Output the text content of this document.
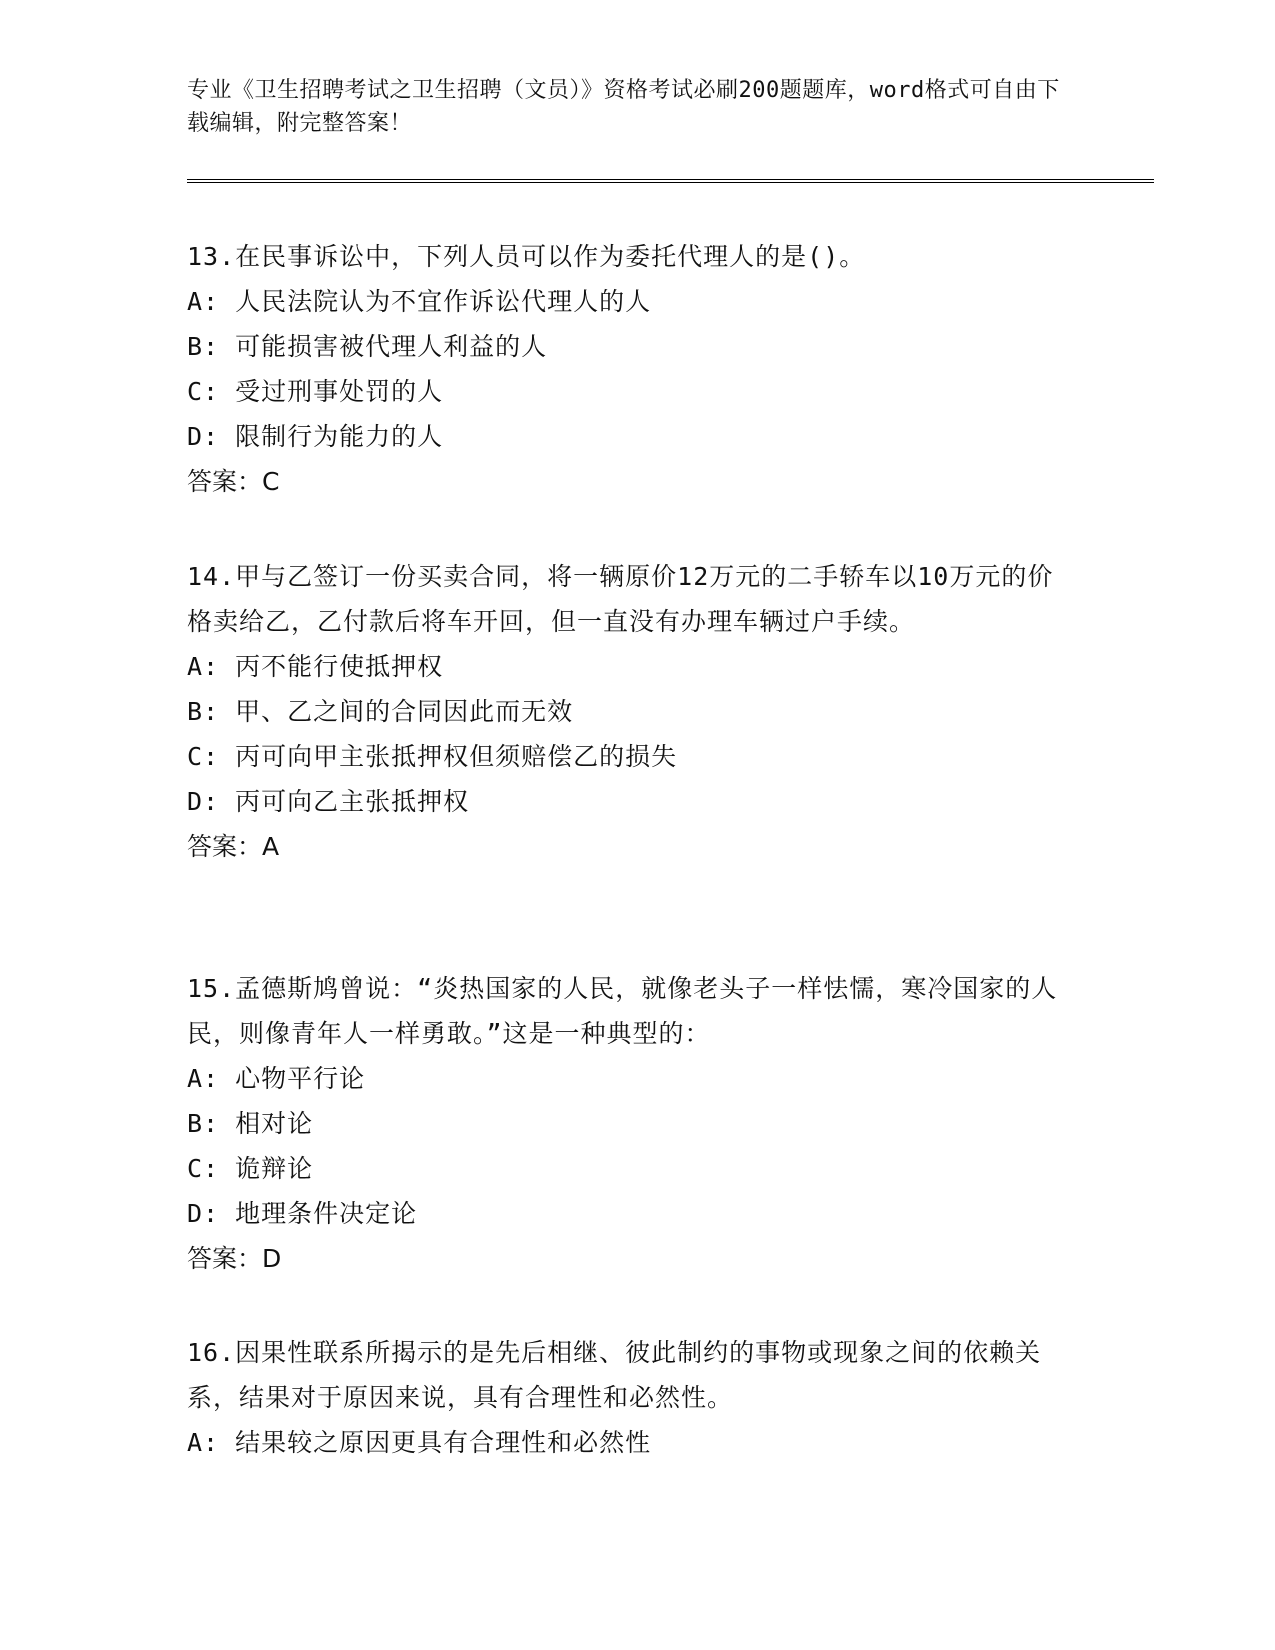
专业《卫生招聘考试之卫生招聘（文员）》资格考试必刷200题题库，word格式可自由下载编辑，附完整答案！
13.在民事诉讼中，下列人员可以作为委托代理人的是()。
A: 人民法院认为不宜作诉讼代理人的人
B: 可能损害被代理人利益的人
C: 受过刑事处罚的人
D: 限制行为能力的人
答案：C
14.甲与乙签订一份买卖合同，将一辆原价12万元的二手轿车以10万元的价格卖给乙，乙付款后将车开回，但一直没有办理车辆过户手续。
A: 丙不能行使抵押权
B: 甲、乙之间的合同因此而无效
C: 丙可向甲主张抵押权但须赔偿乙的损失
D: 丙可向乙主张抵押权
答案：A
15.孟德斯鸠曾说：“炎热国家的人民，就像老头子一样怯懦，寒冷国家的人民，则像青年人一样勇敢。”这是一种典型的：
A: 心物平行论
B: 相对论
C: 诡辩论
D: 地理条件决定论
答案：D
16.因果性联系所揭示的是先后相继、彼此制约的事物或现象之间的依赖关系，结果对于原因来说，具有合理性和必然性。
A: 结果较之原因更具有合理性和必然性
